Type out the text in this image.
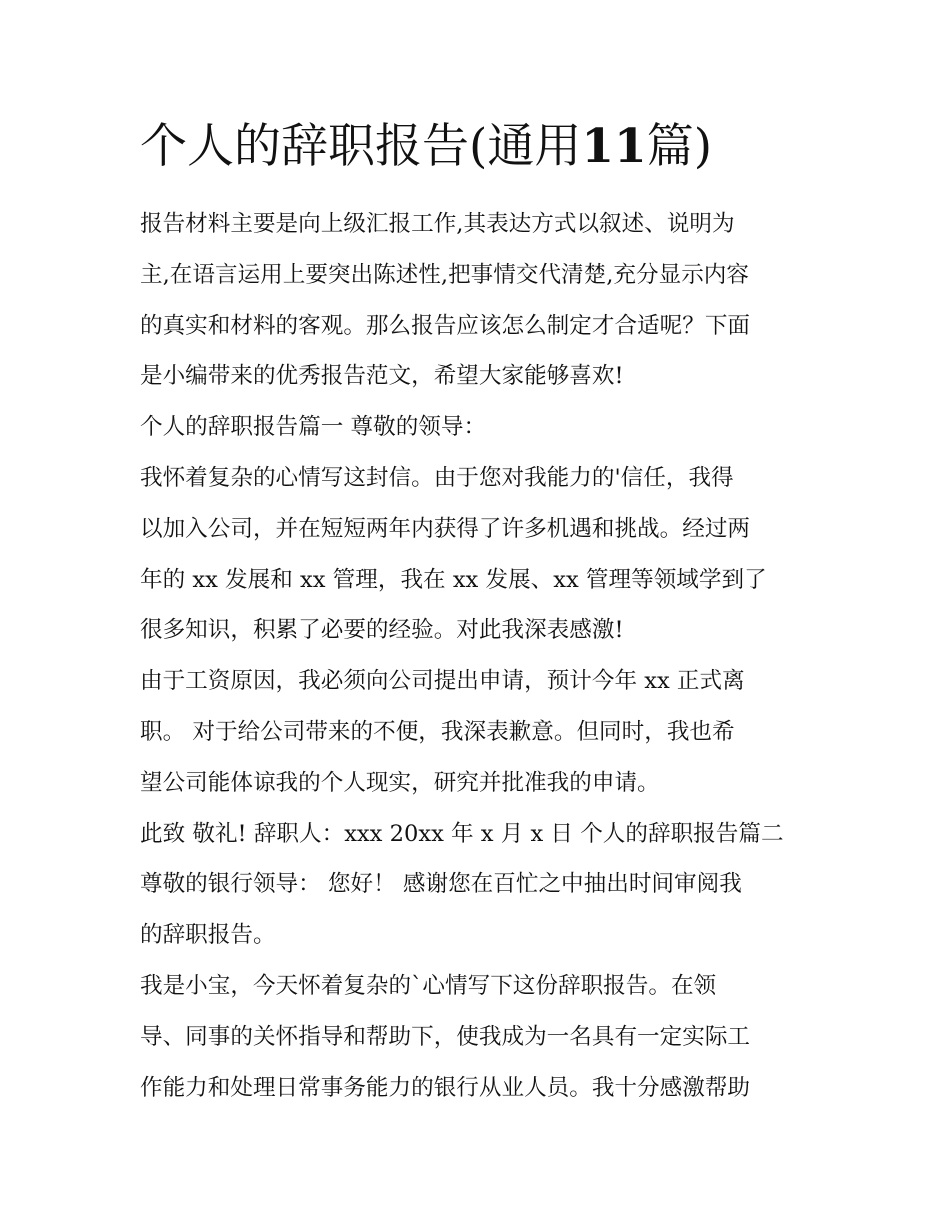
个人的辞职报告(通用11篇)
报告材料主要是向上级汇报工作,其表达方式以叙述、说明为
主,在语言运用上要突出陈述性,把事情交代清楚,充分显示内容
的真实和材料的客观。那么报告应该怎么制定才合适呢？下面
是小编带来的优秀报告范文，希望大家能够喜欢!
个人的辞职报告篇一 尊敬的领导：
我怀着复杂的心情写这封信。由于您对我能力的'信任，我得
以加入公司，并在短短两年内获得了许多机遇和挑战。经过两
年的 xx 发展和 xx 管理，我在 xx 发展、xx 管理等领域学到了
很多知识，积累了必要的经验。对此我深表感激!
由于工资原因，我必须向公司提出申请，预计今年 xx 正式离
职。 对于给公司带来的不便，我深表歉意。但同时，我也希
望公司能体谅我的个人现实，研究并批准我的申请。
此致 敬礼! 辞职人：xxx 20xx 年 x 月 x 日 个人的辞职报告篇二
尊敬的银行领导： 您好！ 感谢您在百忙之中抽出时间审阅我
的辞职报告。
我是小宝，今天怀着复杂的`心情写下这份辞职报告。在领
导、同事的关怀指导和帮助下，使我成为一名具有一定实际工
作能力和处理日常事务能力的银行从业人员。我十分感激帮助
